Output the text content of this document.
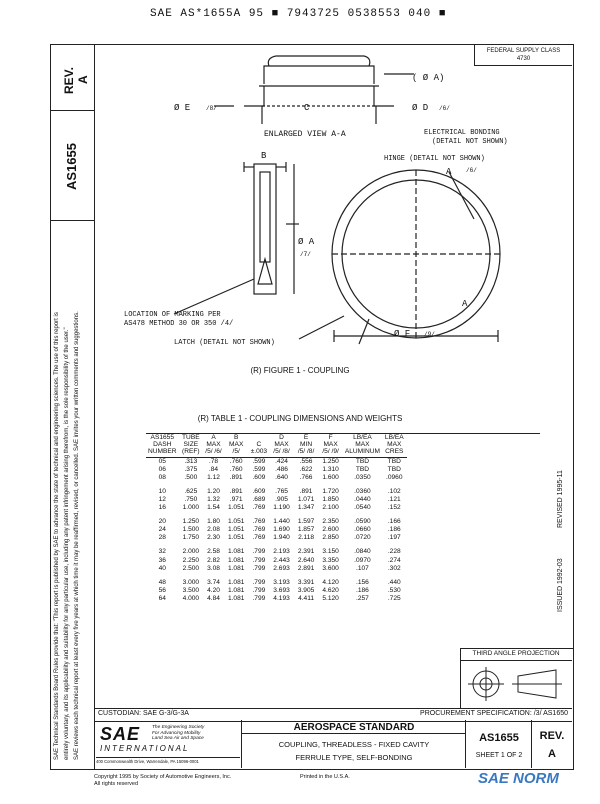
SAE AS*1655A 95 ■ 7943725 0538553 040 ■
REV. A
AS1655
SAE Technical Standards Board Rules provide that: "This report is published by SAE to advance the state of technical and engineering sciences. The use of this report is entirely voluntary, and its applicability and suitability for any particular use, including any patent infringement arising therefrom, is the sole responsibility of the user." SAE reviews each technical report at least every five years at which time it may be reaffirmed, revised, or cancelled. SAE invites your written comments and suggestions.
FEDERAL SUPPLY CLASS
4730
ISSUED 1992-03
REVISED 1995-11
( Ø A)
Ø E	/8/	C	Ø D /6/
ENLARGED VIEW A-A	ELECTRICAL BONDING
(DETAIL NOT SHOWN)
B	HINGE (DETAIL NOT SHOWN)
A /6/
Ø A
/7/
A
Ø F /9/
LOCATION OF MARKING PER
AS478 METHOD 30 OR 350 /4/
LATCH (DETAIL NOT SHOWN)
(R) FIGURE 1 - COUPLING
(R) TABLE 1 - COUPLING DIMENSIONS AND WEIGHTS
AS1655	TUBE	A	B		D	E	F	LB/EA	LB/EA
DASH	SIZE	MAX	MAX	C	MAX	MIN	MAX	MAX	MAX
NUMBER	(REF)	/5/ /6/	/5/	±.003	/5/ /8/	/5/ /8/	/5/ /9/	ALUMINUM	CRES
05	.313	.78	.760	.599	.424	.556	1.250	TBD	TBD
06	.375	.84	.760	.599	.486	.622	1.310	TBD	TBD
08	.500	1.12	.891	.609	.640	.766	1.600	.0350	.0960

10	.625	1.20	.891	.609	.765	.891	1.720	.0360	.102
12	.750	1.32	.971	.689	.905	1.071	1.850	.0440	.121
16	1.000	1.54	1.051	.769	1.190	1.347	2.100	.0540	.152

20	1.250	1.80	1.051	.769	1.440	1.597	2.350	.0590	.166
24	1.500	2.08	1.051	.769	1.690	1.857	2.600	.0660	.186
28	1.750	2.30	1.051	.769	1.940	2.118	2.850	.0720	.197

32	2.000	2.58	1.081	.799	2.193	2.391	3.150	.0840	.228
36	2.250	2.82	1.081	.799	2.443	2.640	3.350	.0970	.274
40	2.500	3.08	1.081	.799	2.693	2.891	3.600	.107	.302

48	3.000	3.74	1.081	.799	3.193	3.391	4.120	.156	.440
56	3.500	4.20	1.081	.799	3.693	3.905	4.620	.186	.530
64	4.000	4.84	1.081	.799	4.193	4.411	5.120	.257	.725
THIRD ANGLE PROJECTION
CUSTODIAN: SAE G-3/G-3A	PROCUREMENT SPECIFICATION: /3/ AS1650
SAE The Engineering Society
For Advancing Mobility
Land Sea Air and Space
INTERNATIONAL
400 Commonwealth Drive, Warrendale, PA 15096-0001
AEROSPACE STANDARD
COUPLING, THREADLESS - FIXED CAVITY
FERRULE TYPE, SELF-BONDING
AS1655
SHEET 1 OF 2
REV.
A
Copyright 1995 by Society of Automotive Engineers, Inc.
All rights reserved
Printed in the U.S.A.	SAE NORM
